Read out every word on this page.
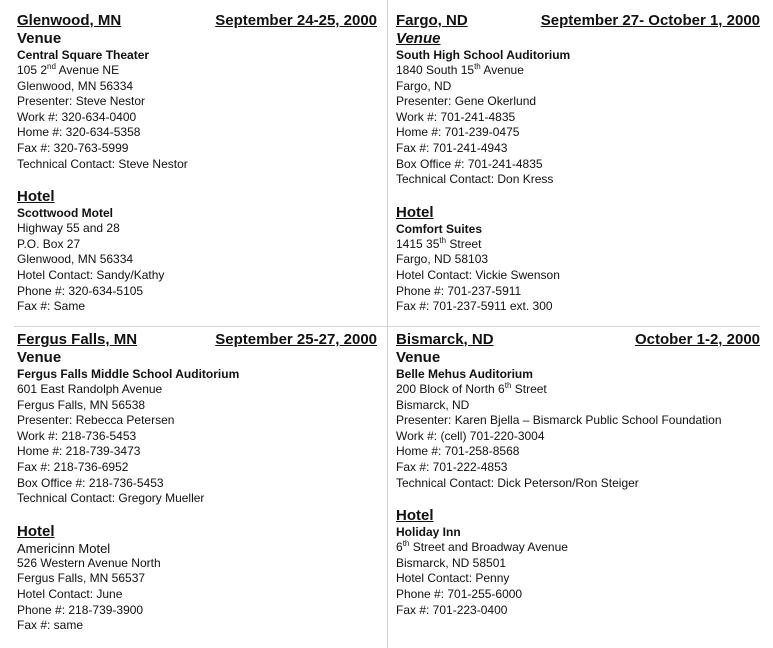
Glenwood, MN	September 24-25, 2000
Venue
Central Square Theater
105 2nd Avenue NE
Glenwood, MN 56334
Presenter: Steve Nestor
Work #: 320-634-0400
Home #: 320-634-5358
Fax #: 320-763-5999
Technical Contact: Steve Nestor
Hotel
Scottwood Motel
Highway 55 and 28
P.O. Box 27
Glenwood, MN 56334
Hotel Contact: Sandy/Kathy
Phone #: 320-634-5105
Fax #: Same
Fargo, ND	September 27- October 1, 2000
Venue
South High School Auditorium
1840 South 15th Avenue
Fargo, ND
Presenter: Gene Okerlund
Work #: 701-241-4835
Home #: 701-239-0475
Fax #: 701-241-4943
Box Office #: 701-241-4835
Technical Contact: Don Kress
Hotel
Comfort Suites
1415 35th Street
Fargo, ND 58103
Hotel Contact: Vickie Swenson
Phone #: 701-237-5911
Fax #: 701-237-5911 ext. 300
Fergus Falls, MN	September 25-27, 2000
Venue
Fergus Falls Middle School Auditorium
601 East Randolph Avenue
Fergus Falls, MN 56538
Presenter: Rebecca Petersen
Work #: 218-736-5453
Home #: 218-739-3473
Fax #: 218-736-6952
Box Office #: 218-736-5453
Technical Contact: Gregory Mueller
Hotel
Americinn Motel
526 Western Avenue North
Fergus Falls, MN 56537
Hotel Contact: June
Phone #: 218-739-3900
Fax #: same
Bismarck, ND	October 1-2, 2000
Venue
Belle Mehus Auditorium
200 Block of North 6th Street
Bismarck, ND
Presenter: Karen Bjella – Bismarck Public School Foundation
Work #: (cell) 701-220-3004
Home #: 701-258-8568
Fax #: 701-222-4853
Technical Contact: Dick Peterson/Ron Steiger
Hotel
Holiday Inn
6th Street and Broadway Avenue
Bismarck, ND 58501
Hotel Contact: Penny
Phone #: 701-255-6000
Fax #: 701-223-0400
